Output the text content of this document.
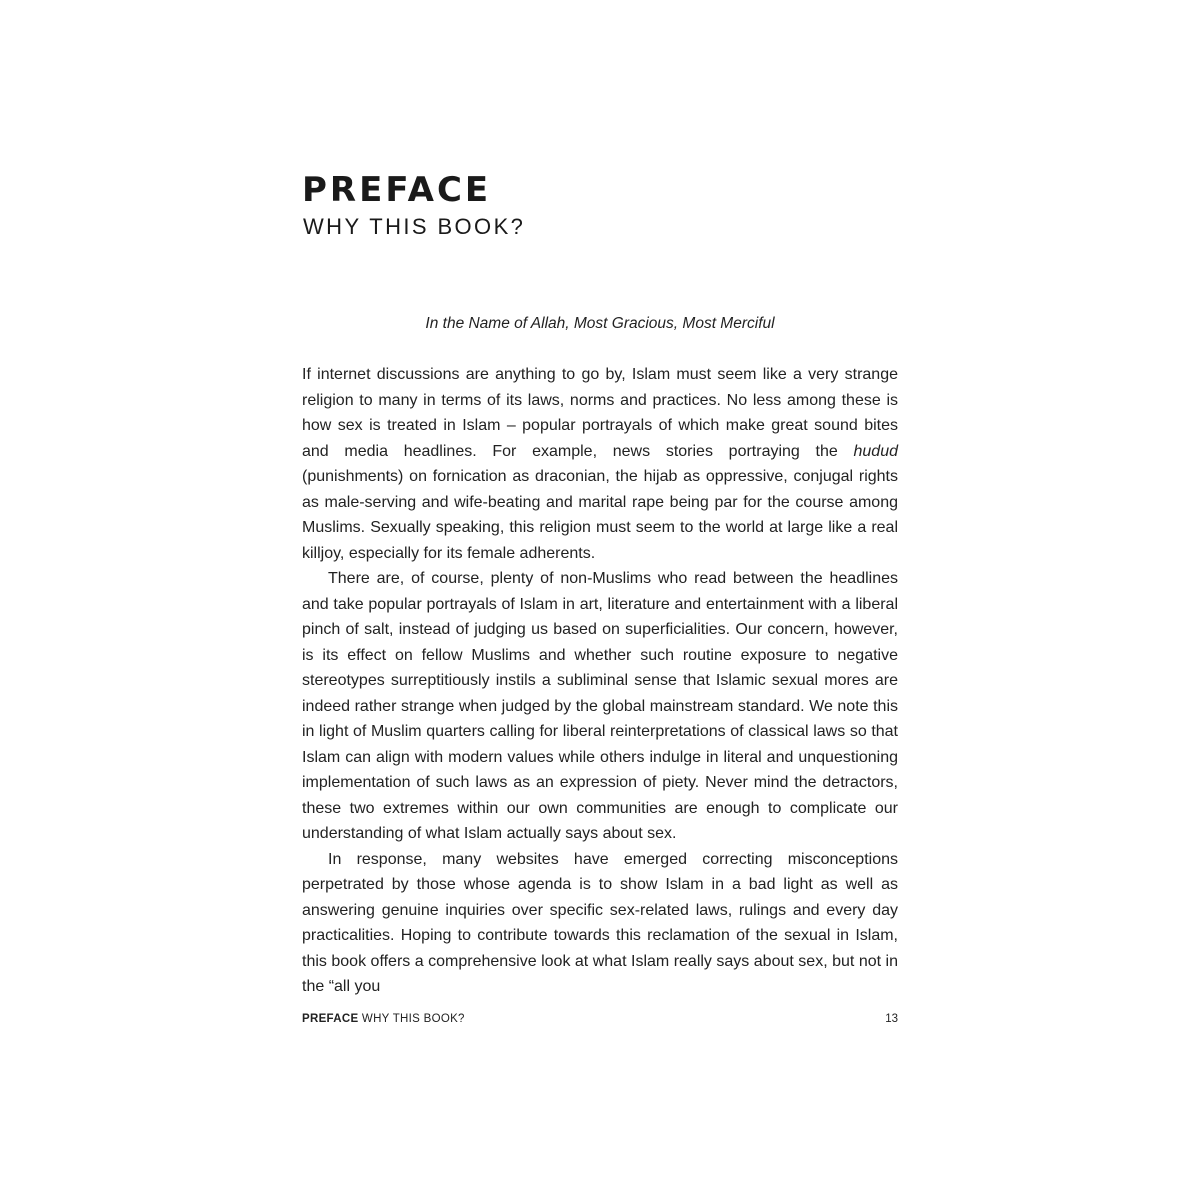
PREFACE
WHY THIS BOOK?

In the Name of Allah, Most Gracious, Most Merciful

If internet discussions are anything to go by, Islam must seem like a very strange religion to many in terms of its laws, norms and practices. No less among these is how sex is treated in Islam – popular portrayals of which make great sound bites and media headlines. For example, news stories portraying the hudud (punishments) on fornication as draconian, the hijab as oppressive, conjugal rights as male-serving and wife-beating and marital rape being par for the course among Muslims. Sexually speaking, this religion must seem to the world at large like a real killjoy, especially for its female adherents.

There are, of course, plenty of non-Muslims who read between the headlines and take popular portrayals of Islam in art, literature and entertainment with a liberal pinch of salt, instead of judging us based on superficialities. Our concern, however, is its effect on fellow Muslims and whether such routine exposure to negative stereotypes surreptitiously instils a subliminal sense that Islamic sexual mores are indeed rather strange when judged by the global mainstream standard. We note this in light of Muslim quarters calling for liberal reinterpretations of classical laws so that Islam can align with modern values while others indulge in literal and unquestioning implementation of such laws as an expression of piety. Never mind the detractors, these two extremes within our own communities are enough to complicate our understanding of what Islam actually says about sex.

In response, many websites have emerged correcting misconceptions perpetrated by those whose agenda is to show Islam in a bad light as well as answering genuine inquiries over specific sex-related laws, rulings and every day practicalities. Hoping to contribute towards this reclamation of the sexual in Islam, this book offers a comprehensive look at what Islam really says about sex, but not in the “all you

PREFACE WHY THIS BOOK?	13
